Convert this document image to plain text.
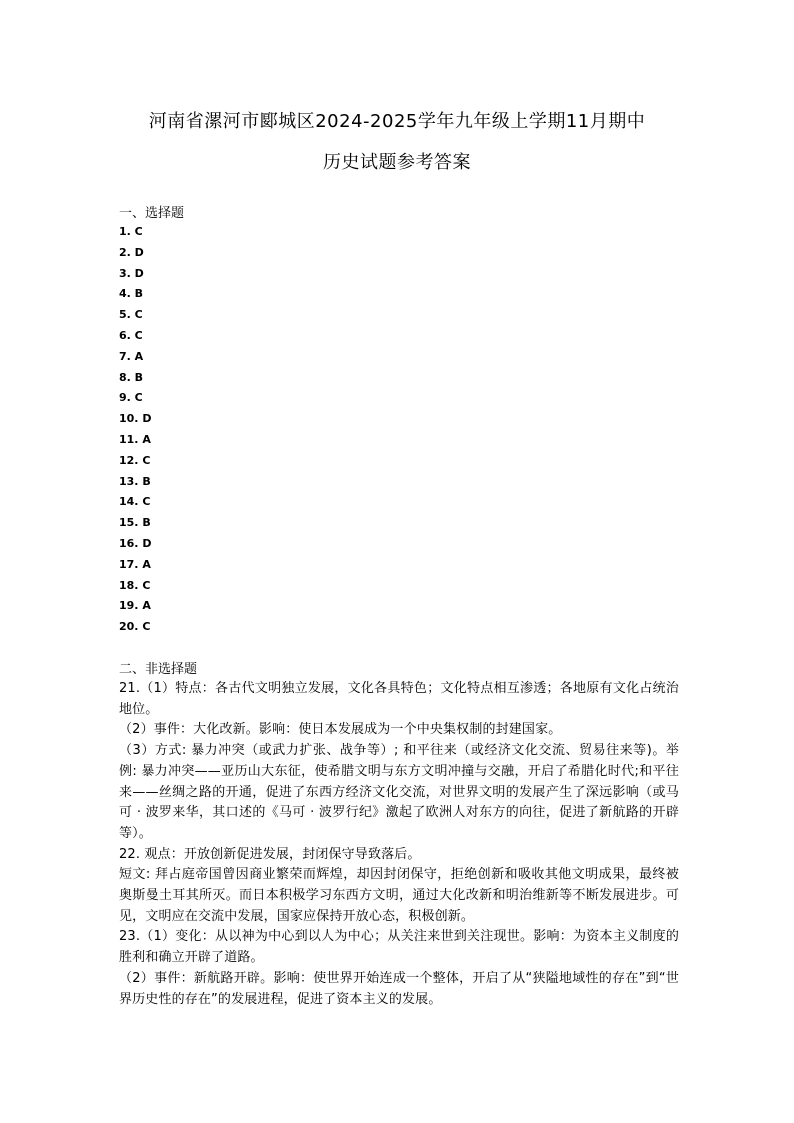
河南省漯河市郾城区2024-2025学年九年级上学期11月期中
历史试题参考答案
一、选择题
1. C
2. D
3. D
4. B
5. C
6. C
7. A
8. B
9. C
10. D
11. A
12. C
13. B
14. C
15. B
16. D
17. A
18. C
19. A
20. C
二、非选择题

21.（1）特点：各古代文明独立发展，文化各具特色；文化特点相互渗透；各地原有文化占统治地位。

（2）事件：大化改新。影响：使日本发展成为一个中央集权制的封建国家。

（3）方式: 暴力冲突（或武力扩张、战争等）; 和平往来（或经济文化交流、贸易往来等)。举例: 暴力冲突——亚历山大东征，使希腊文明与东方文明冲撞与交融，开启了希腊化时代;和平往来——丝绸之路的开通，促进了东西方经济文化交流，对世界文明的发展产生了深远影响（或马可 · 波罗来华，其口述的《马可 · 波罗行纪》激起了欧洲人对东方的向往，促进了新航路的开辟等）。

22. 观点：开放创新促进发展，封闭保守导致落后。

短文: 拜占庭帝国曾因商业繁荣而辉煌，却因封闭保守，拒绝创新和吸收其他文明成果，最终被奥斯曼土耳其所灭。而日本积极学习东西方文明，通过大化改新和明治维新等不断发展进步。可见，文明应在交流中发展，国家应保持开放心态，积极创新。

23.（1）变化：从以神为中心到以人为中心；从关注来世到关注现世。影响：为资本主义制度的胜利和确立开辟了道路。

（2）事件：新航路开辟。影响：使世界开始连成一个整体，开启了从“狭隘地域性的存在”到“世界历史性的存在”的发展进程，促进了资本主义的发展。
